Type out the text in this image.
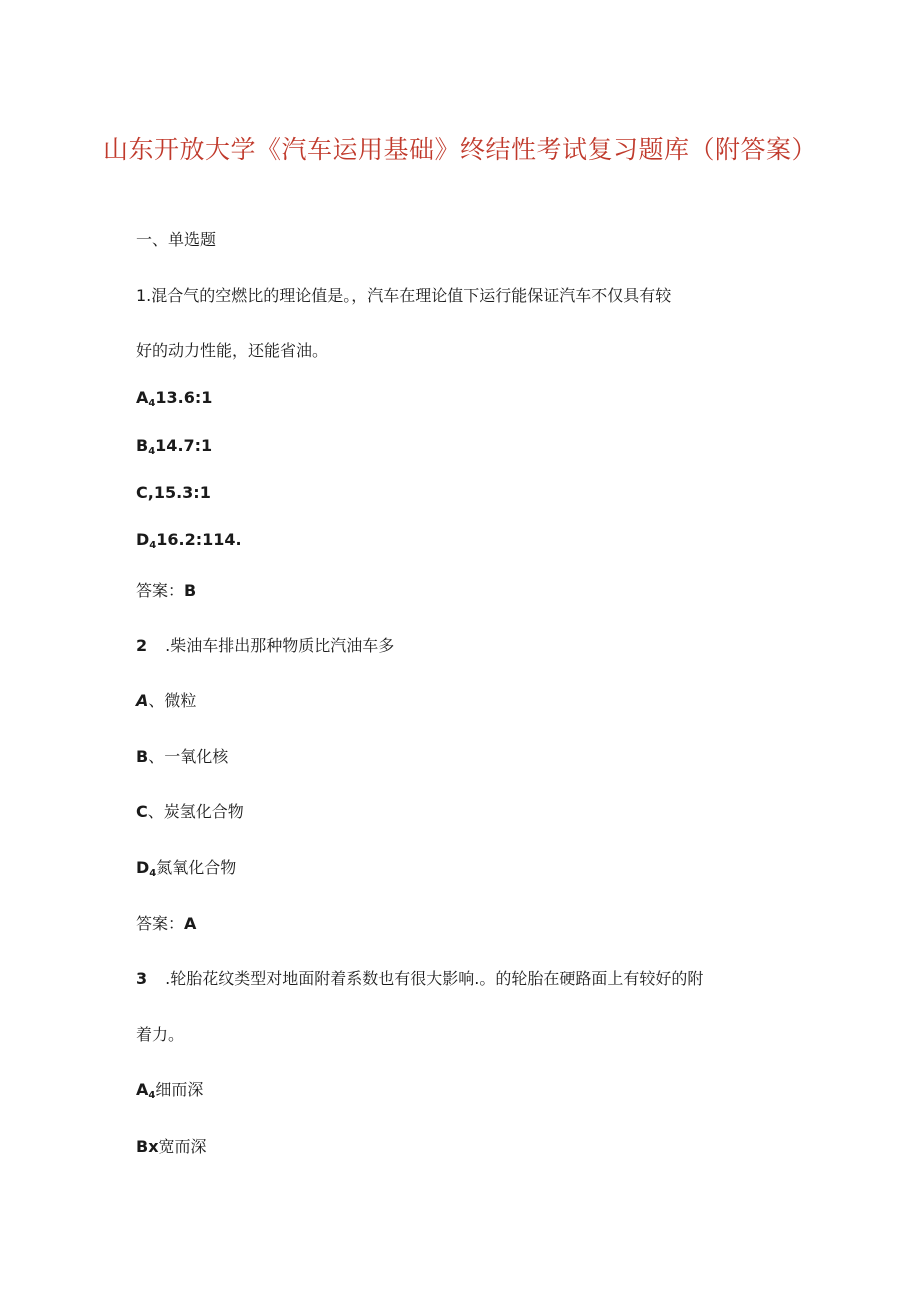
山东开放大学《汽车运用基础》终结性考试复习题库（附答案）
一、单选题
1.混合气的空燃比的理论值是。，汽车在理论值下运行能保证汽车不仅具有较
好的动力性能，还能省油。
$A_413.6:1$
$B_414.7:1$
C,15.3:1
$D_416.2:114$.
答案：B
2 .柴油车排出那种物质比汽油车多
A、微粒
B、一氧化核
C、炭氢化合物
$D_4$氮氧化合物
答案：A
3 .轮胎花纹类型对地面附着系数也有很大影响.。的轮胎在硬路面上有较好的附
着力。
$A_4$细而深
Bx宽而深
